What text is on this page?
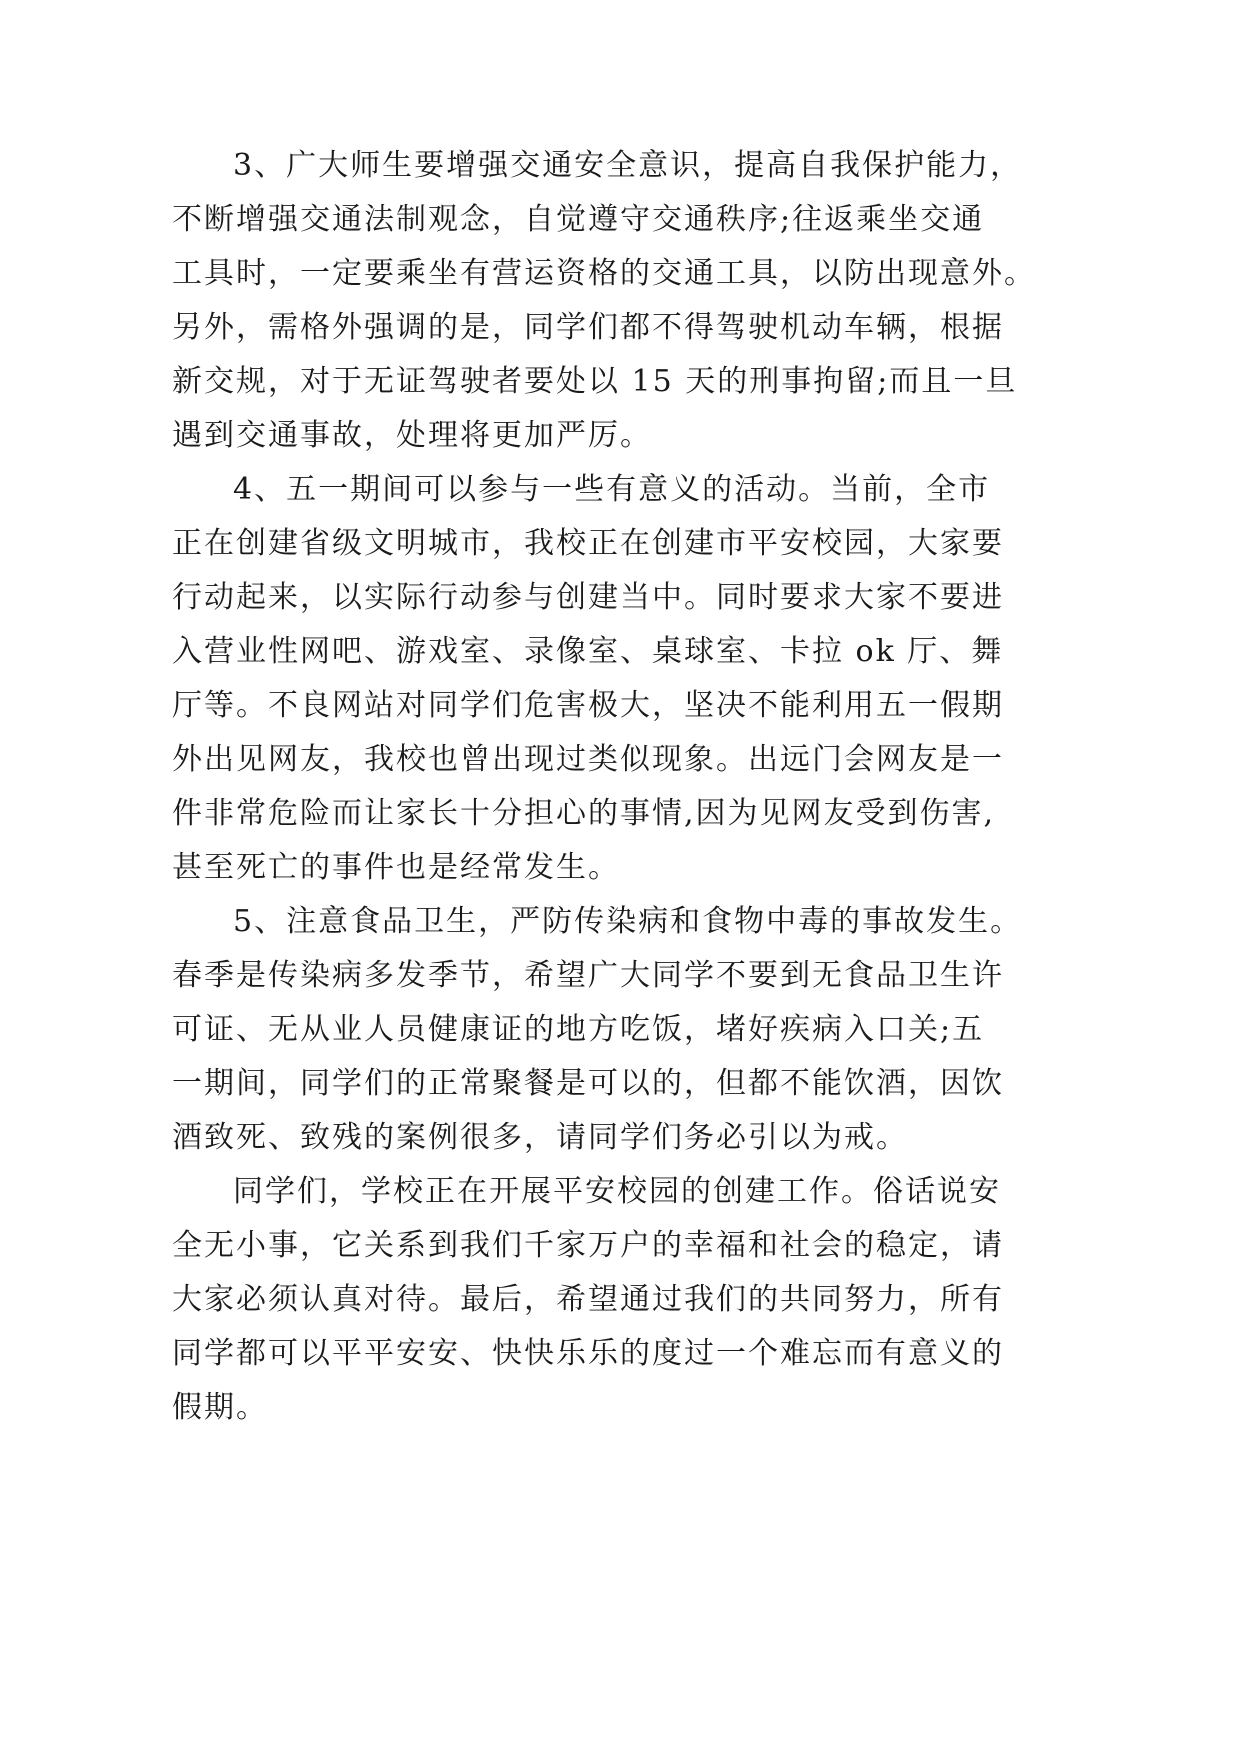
3、广大师生要增强交通安全意识，提高自我保护能力，
不断增强交通法制观念，自觉遵守交通秩序;往返乘坐交通
工具时，一定要乘坐有营运资格的交通工具，以防出现意外。
另外，需格外强调的是，同学们都不得驾驶机动车辆，根据
新交规，对于无证驾驶者要处以 15 天的刑事拘留;而且一旦
遇到交通事故，处理将更加严厉。
4、五一期间可以参与一些有意义的活动。当前，全市
正在创建省级文明城市，我校正在创建市平安校园，大家要
行动起来，以实际行动参与创建当中。同时要求大家不要进
入营业性网吧、游戏室、录像室、桌球室、卡拉 ok 厅、舞
厅等。不良网站对同学们危害极大，坚决不能利用五一假期
外出见网友，我校也曾出现过类似现象。出远门会网友是一
件非常危险而让家长十分担心的事情,因为见网友受到伤害,
甚至死亡的事件也是经常发生。
5、注意食品卫生，严防传染病和食物中毒的事故发生。
春季是传染病多发季节，希望广大同学不要到无食品卫生许
可证、无从业人员健康证的地方吃饭，堵好疾病入口关;五
一期间，同学们的正常聚餐是可以的，但都不能饮酒，因饮
酒致死、致残的案例很多，请同学们务必引以为戒。
同学们，学校正在开展平安校园的创建工作。俗话说安
全无小事，它关系到我们千家万户的幸福和社会的稳定，请
大家必须认真对待。最后，希望通过我们的共同努力，所有
同学都可以平平安安、快快乐乐的度过一个难忘而有意义的
假期。
